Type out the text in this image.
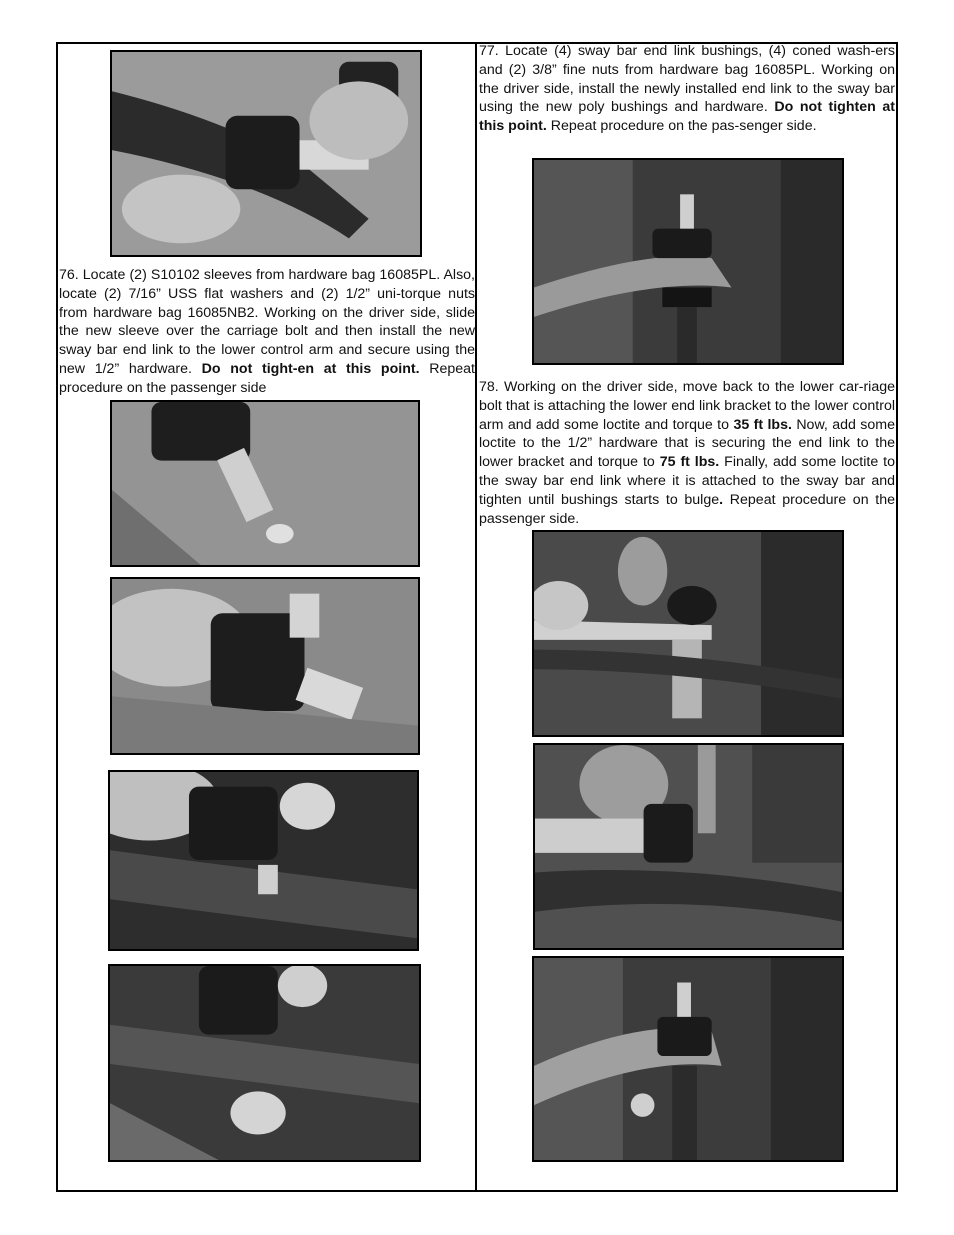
76. Locate (2) S10102 sleeves from hardware bag 16085PL. Also, locate (2) 7/16” USS flat washers and (2) 1/2” uni-torque nuts from hardware bag 16085NB2. Working on the driver side, slide the new sleeve over the carriage bolt and then install the new sway bar end link to the lower control arm and secure using the new 1/2” hardware. Do not tight-en at this point. Repeat procedure on the passenger side

77. Locate (4) sway bar end link bushings, (4) coned wash-ers and (2) 3/8” fine nuts from hardware bag 16085PL. Working on the driver side, install the newly installed end link to the sway bar using the new poly bushings and hardware. Do not tighten at this point. Repeat procedure on the pas-senger side.

78. Working on the driver side, move back to the lower car-riage bolt that is attaching the lower end link bracket to the lower control arm and add some loctite and torque to 35 ft lbs. Now, add some loctite to the 1/2” hardware that is securing the end link to the lower bracket and torque to 75 ft lbs. Finally, add some loctite to the sway bar end link where it is attached to the sway bar and tighten until bushings starts to bulge. Repeat procedure on the passenger side.
